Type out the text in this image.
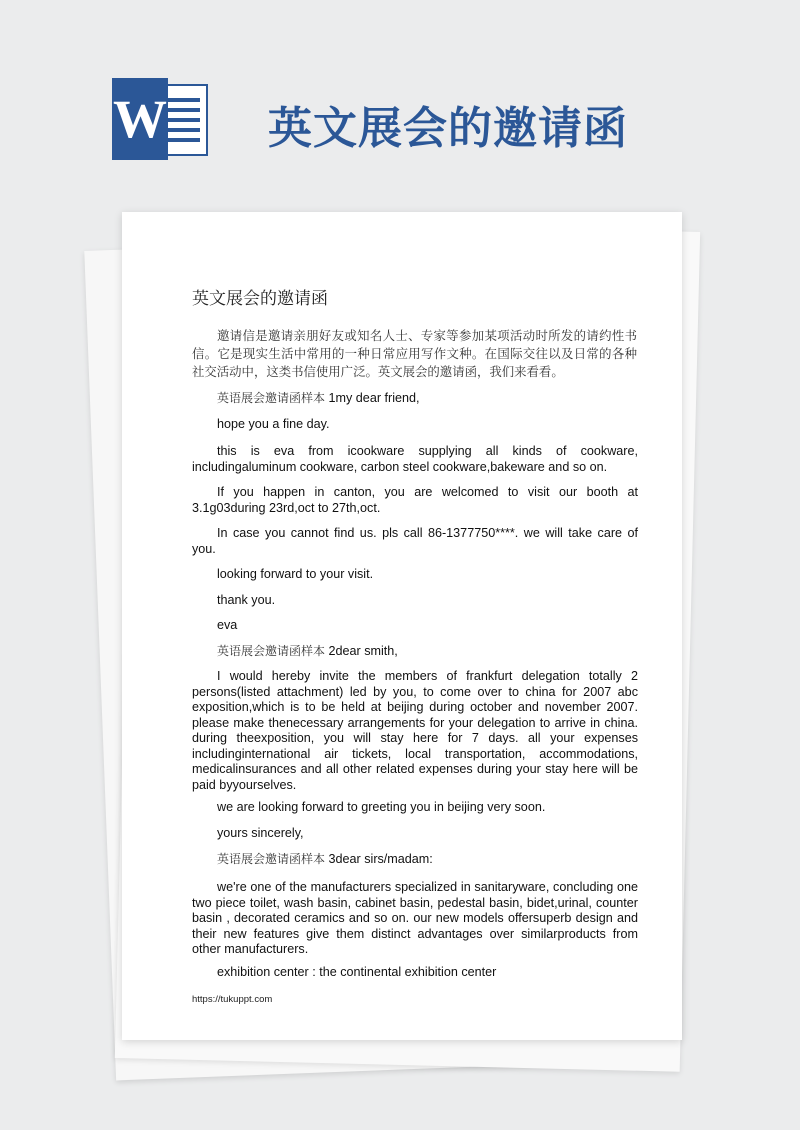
W 英文展会的邀请函
英文展会的邀请函
邀请信是邀请亲朋好友或知名人士、专家等参加某项活动时所发的请约性书信。它是现实生活中常用的一种日常应用写作文种。在国际交往以及日常的各种社交活动中，这类书信使用广泛。英文展会的邀请函，我们来看看。
英语展会邀请函样本 1my dear friend,
hope you a fine day.
this is eva from icookware supplying all kinds of cookware, includingaluminum cookware, carbon steel cookware,bakeware and so on.
If you happen in canton, you are welcomed to visit our booth at 3.1g03during 23rd,oct to 27th,oct.
In case you cannot find us. pls call 86-1377750****. we will take care of you.
looking forward to your visit.
thank you.
eva
英语展会邀请函样本 2dear smith,
I would hereby invite the members of frankfurt delegation totally 2 persons(listed attachment) led by you, to come over to china for 2007 abc exposition,which is to be held at beijing during october and november 2007. please make thenecessary arrangements for your delegation to arrive in china. during theexposition, you will stay here for 7 days. all your expenses includinginternational air tickets, local transportation, accommodations, medicalinsurances and all other related expenses during your stay here will be paid byyourselves.
we are looking forward to greeting you in beijing very soon.
yours sincerely,
英语展会邀请函样本 3dear sirs/madam:
we're one of the manufacturers specialized in sanitaryware, concluding one two piece toilet, wash basin, cabinet basin, pedestal basin, bidet,urinal, counter basin , decorated ceramics and so on. our new models offersuperb design and their new features give them distinct advantages over similarproducts from other manufacturers.
exhibition center : the continental exhibition center
https://tukuppt.com
